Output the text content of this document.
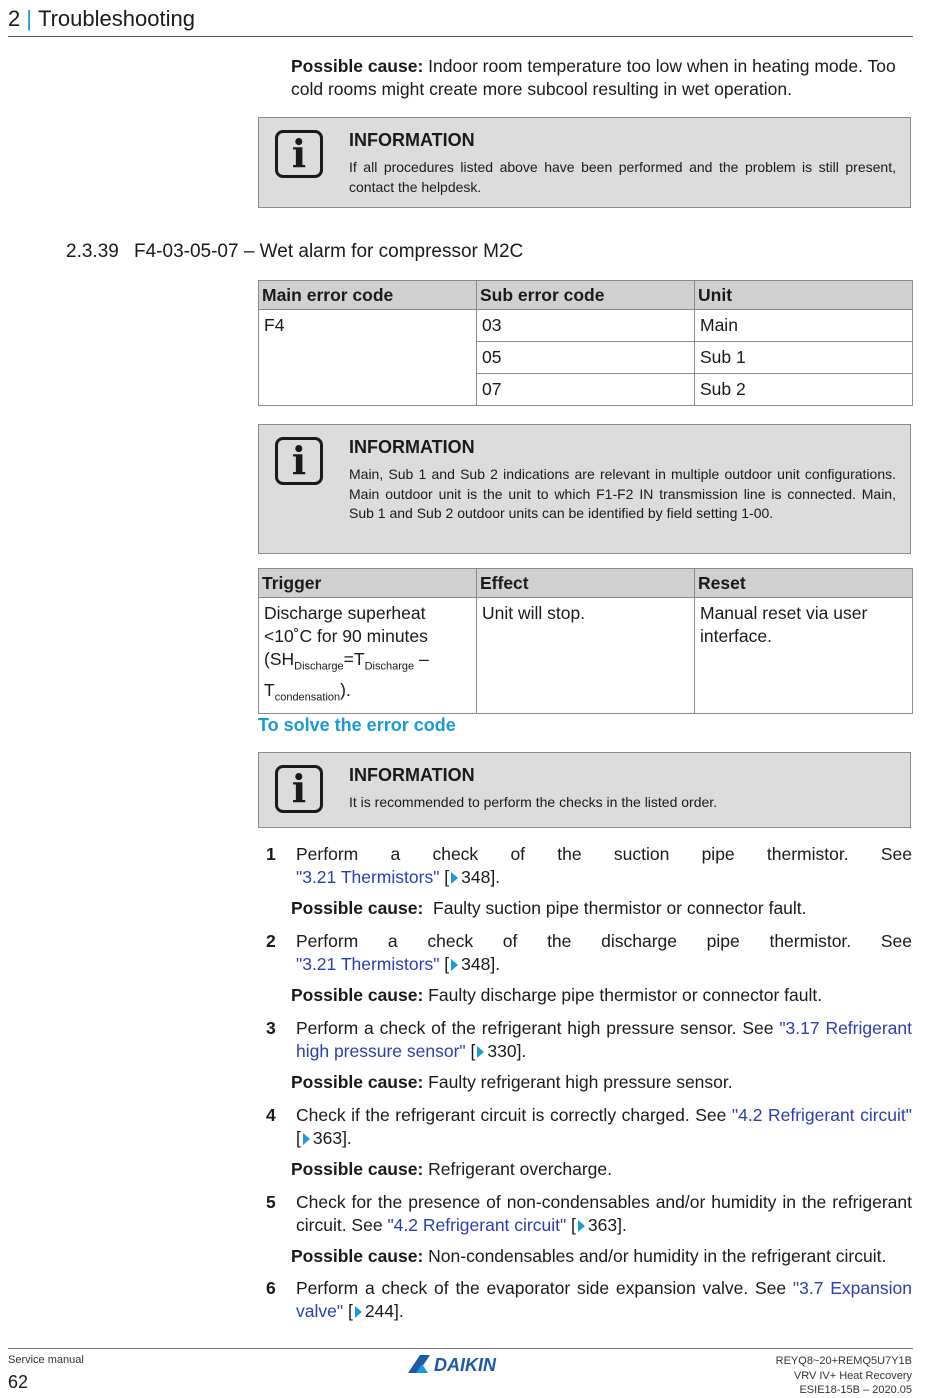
2 | Troubleshooting
Possible cause: Indoor room temperature too low when in heating mode. Too cold rooms might create more subcool resulting in wet operation.
i	INFORMATION
If all procedures listed above have been performed and the problem is still present, contact the helpdesk.
2.3.39 F4-03-05-07 – Wet alarm for compressor M2C
Main error code	Sub error code	Unit
F4	03	Main
	05	Sub 1
	07	Sub 2
i	INFORMATION
Main, Sub 1 and Sub 2 indications are relevant in multiple outdoor unit configurations. Main outdoor unit is the unit to which F1-F2 IN transmission line is connected. Main, Sub 1 and Sub 2 outdoor units can be identified by field setting 1-00.
Trigger	Effect	Reset
Discharge superheat <10˚C for 90 minutes
($SH_{Discharge}=T_{Discharge}$ –
$T_{condensation}$).	Unit will stop.	Manual reset via user interface.
To solve the error code
i	INFORMATION
It is recommended to perform the checks in the listed order.
1 Perform a check of the suction pipe thermistor. See
"3.21 Thermistors" [ 348].
Possible cause:  Faulty suction pipe thermistor or connector fault.
2 Perform a check of the discharge pipe thermistor. See
"3.21 Thermistors" [ 348].
Possible cause: Faulty discharge pipe thermistor or connector fault.
3 Perform a check of the refrigerant high pressure sensor. See "3.17 Refrigerant high pressure sensor" [ 330].
Possible cause: Faulty refrigerant high pressure sensor.
4 Check if the refrigerant circuit is correctly charged. See "4.2 Refrigerant circuit" [ 363].
Possible cause: Refrigerant overcharge.
5 Check for the presence of non-condensables and/or humidity in the refrigerant circuit. See "4.2 Refrigerant circuit" [ 363].
Possible cause: Non-condensables and/or humidity in the refrigerant circuit.
6 Perform a check of the evaporator side expansion valve. See "3.7 Expansion valve" [ 244].
Service manual
62
DAIKIN	REYQ8~20+REMQ5U7Y1B
VRV IV+ Heat Recovery
ESIE18-15B – 2020.05
